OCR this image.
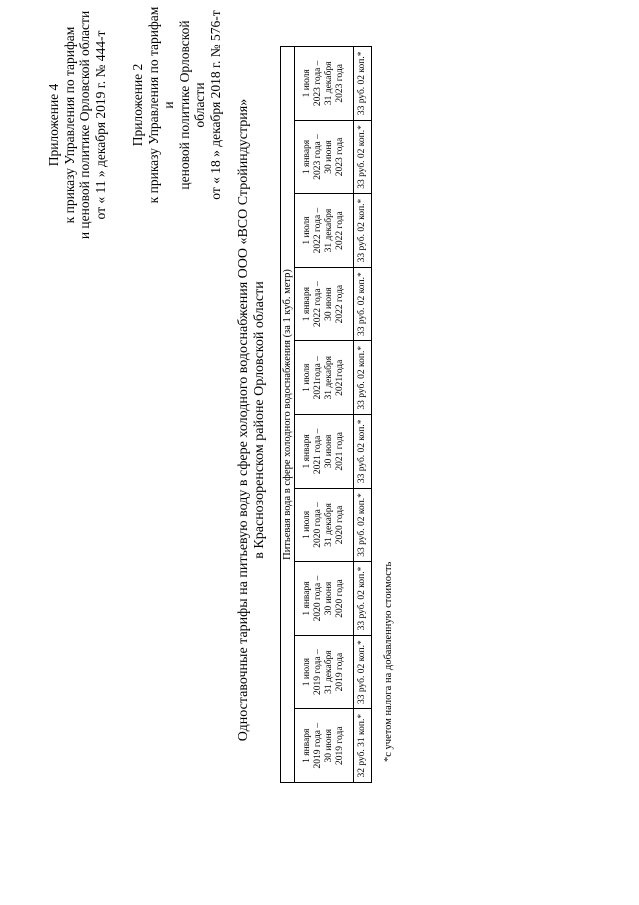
Приложение 4 к приказу Управления по тарифам и ценовой политике Орловской области от « 11 » декабря 2019 г. № 444-т Приложение 2 к приказу Управления по тарифам и ценовой политике Орловской области от « 18 » декабря 2018 г. № 576-т Одноставочные тарифы на питьевую воду в сфере холодного водоснабжения ООО «ВСО Стройиндустрия» в Краснозоренском районе Орловской области Питьевая вода в сфере холодного водоснабжения (за 1 куб. метр)									

1 января 2019 года – 30 июня 2019 года	1 июля 2019 года – 31 декабря 2019 года	1 января 2020 года – 30 июня 2020 года	1 июля 2020 года – 31 декабря 2020 года	1 января 2021 года – 30 июня 2021 года	1 июля 2021года – 31 декабря 2021года	1 января 2022 года – 30 июня 2022 года	1 июля 2022 года – 31 декабря 2022 года	1 января 2023 года – 30 июня 2023 года	1 июля 2023 года – 31 декабря 2023 года

32 руб. 31 коп.*	33 руб. 02 коп.*	33 руб. 02 коп.*	33 руб. 02 коп.*	33 руб. 02 коп.*	33 руб. 02 коп.*	33 руб. 02 коп.*	33 руб. 02 коп.*	33 руб. 02 коп.*	33 руб. 02 коп.*
*с учетом налога на добавленную стоимость
